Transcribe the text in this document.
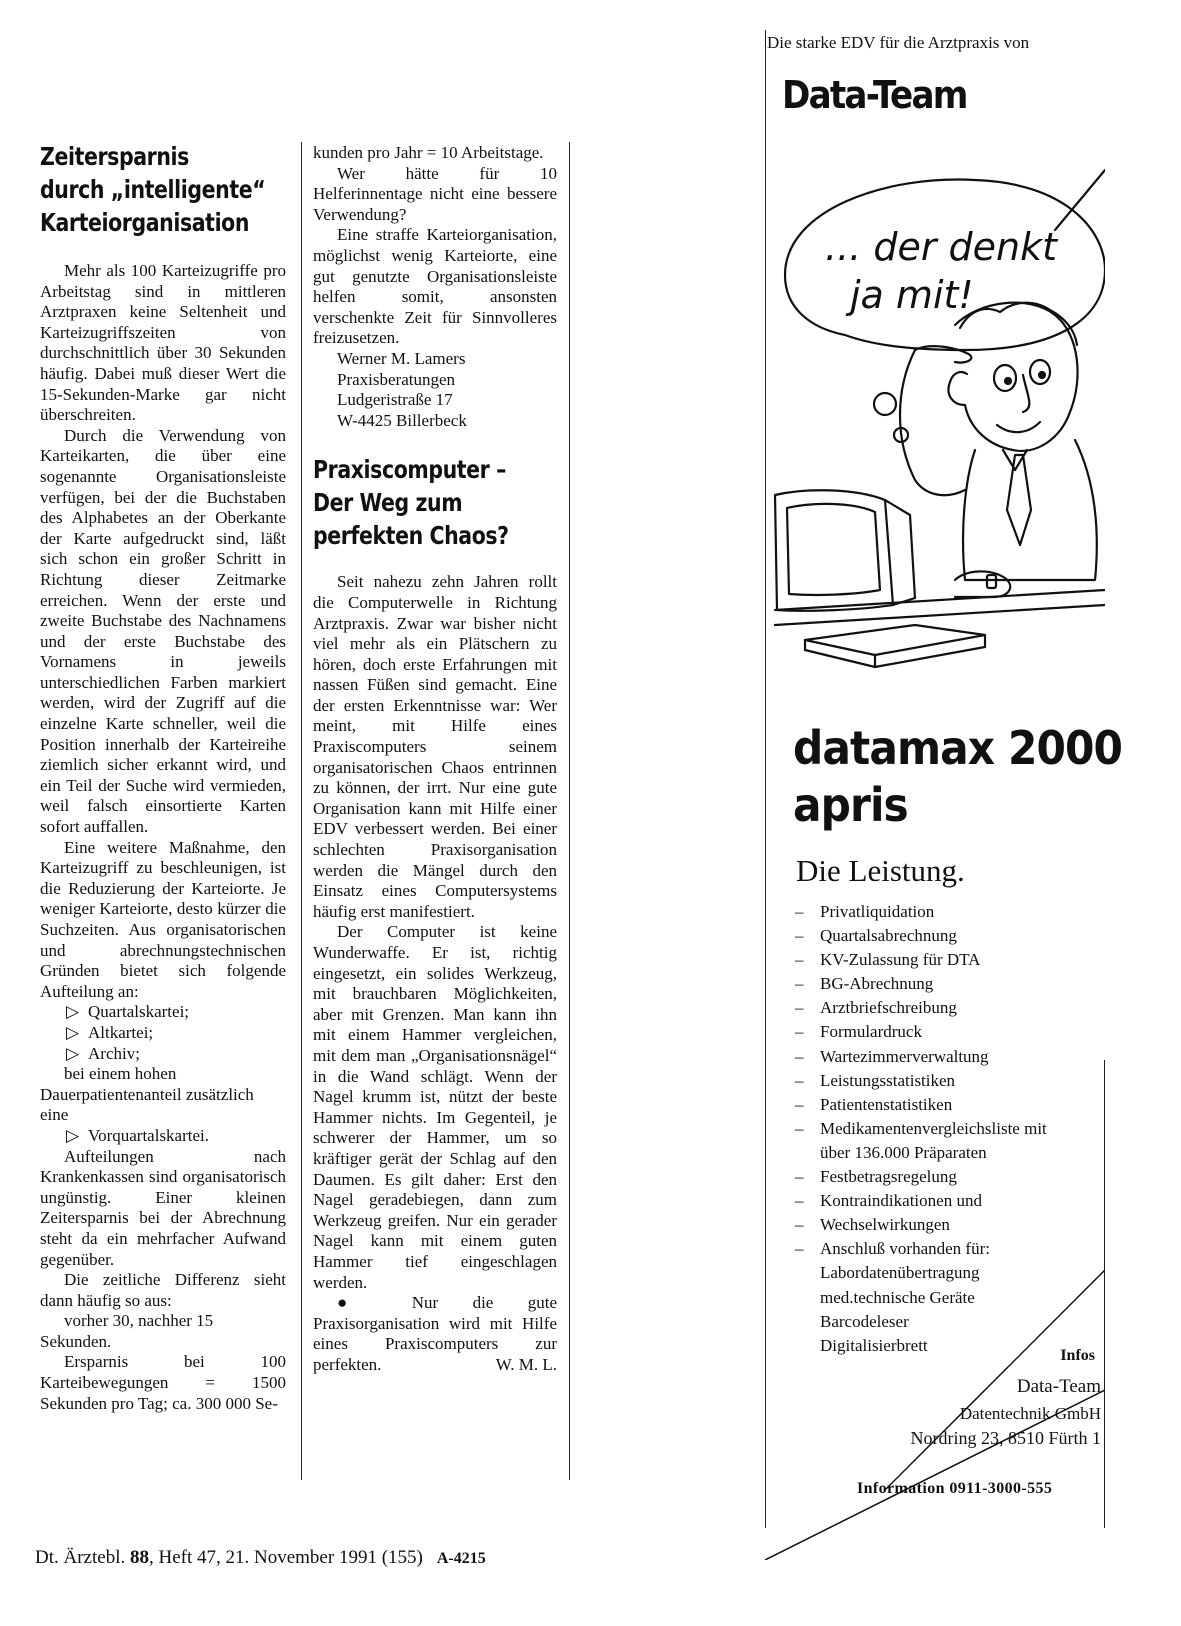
Zeitersparnis
durch „intelligente“
Karteiorganisation

Mehr als 100 Karteizugriffe pro Arbeitstag sind in mittleren Arztpraxen keine Seltenheit und Karteizugriffszeiten von durchschnittlich über 30 Sekunden häufig. Dabei muß dieser Wert die 15-Sekunden-Marke gar nicht überschreiten.

Durch die Verwendung von Karteikarten, die über eine sogenannte Organisationsleiste verfügen, bei der die Buchstaben des Alphabetes an der Oberkante der Karte aufgedruckt sind, läßt sich schon ein großer Schritt in Richtung dieser Zeitmarke erreichen. Wenn der erste und zweite Buchstabe des Nachnamens und der erste Buchstabe des Vornamens in jeweils unterschiedlichen Farben markiert werden, wird der Zugriff auf die einzelne Karte schneller, weil die Position innerhalb der Karteireihe ziemlich sicher erkannt wird, und ein Teil der Suche wird vermieden, weil falsch einsortierte Karten sofort auffallen.

Eine weitere Maßnahme, den Karteizugriff zu beschleunigen, ist die Reduzierung der Karteiorte. Je weniger Karteiorte, desto kürzer die Suchzeiten. Aus organisatorischen und abrechnungstechnischen Gründen bietet sich folgende Aufteilung an:

▷ Quartalskartei;
▷ Altkartei;
▷ Archiv;

bei einem hohen Dauerpatientenanteil zusätzlich eine

▷ Vorquartalskartei.

Aufteilungen nach Krankenkassen sind organisatorisch ungünstig. Einer kleinen Zeitersparnis bei der Abrechnung steht da ein mehrfacher Aufwand gegenüber.

Die zeitliche Differenz sieht dann häufig so aus:

vorher 30, nachher 15 Sekunden.

Ersparnis bei 100 Karteibewegungen = 1500 Sekunden pro Tag; ca. 300 000 Se-

kunden pro Jahr = 10 Arbeitstage.

Wer hätte für 10 Helferinnentage nicht eine bessere Verwendung?

Eine straffe Karteiorganisation, möglichst wenig Karteiorte, eine gut genutzte Organisationsleiste helfen somit, ansonsten verschenkte Zeit für Sinnvolleres freizusetzen.

Werner M. Lamers
Praxisberatungen
Ludgeristraße 17
W-4425 Billerbeck
Praxiscomputer –
Der Weg zum
perfekten Chaos?

Seit nahezu zehn Jahren rollt die Computerwelle in Richtung Arztpraxis. Zwar war bisher nicht viel mehr als ein Plätschern zu hören, doch erste Erfahrungen mit nassen Füßen sind gemacht. Eine der ersten Erkenntnisse war: Wer meint, mit Hilfe eines Praxiscomputers seinem organisatorischen Chaos entrinnen zu können, der irrt. Nur eine gute Organisation kann mit Hilfe einer EDV verbessert werden. Bei einer schlechten Praxisorganisation werden die Mängel durch den Einsatz eines Computersystems häufig erst manifestiert.

Der Computer ist keine Wunderwaffe. Er ist, richtig eingesetzt, ein solides Werkzeug, mit brauchbaren Möglichkeiten, aber mit Grenzen. Man kann ihn mit einem Hammer vergleichen, mit dem man „Organisationsnägel“ in die Wand schlägt. Wenn der Nagel krumm ist, nützt der beste Hammer nichts. Im Gegenteil, je schwerer der Hammer, um so kräftiger gerät der Schlag auf den Daumen. Es gilt daher: Erst den Nagel geradebiegen, dann zum Werkzeug greifen. Nur ein gerader Nagel kann mit einem guten Hammer tief eingeschlagen werden.

● Nur die gute Praxisorganisation wird mit Hilfe eines Praxiscomputers zur perfekten.	W. M. L.
Dt. Ärztebl. 88, Heft 47, 21. November 1991 (155) A-4215
Die starke EDV für die Arztpraxis von
Data-Team
... der denkt
ja mit!
datamax 2000
apris
Die Leistung.
– Privatliquidation
– Quartalsabrechnung
– KV-Zulassung für DTA
– BG-Abrechnung
– Arztbriefschreibung
– Formulardruck
– Wartezimmerverwaltung
– Leistungsstatistiken
– Patientenstatistiken
– Medikamentenvergleichsliste mit
über 136.000 Präparaten
– Festbetragsregelung
– Kontraindikationen und
– Wechselwirkungen
– Anschluß vorhanden für:
Labordatenübertragung
med.technische Geräte
Barcodeleser
Digitalisierbrett
Infos
Data-Team
Datentechnik GmbH
Nordring 23, 8510 Fürth 1
Information 0911-3000-555
